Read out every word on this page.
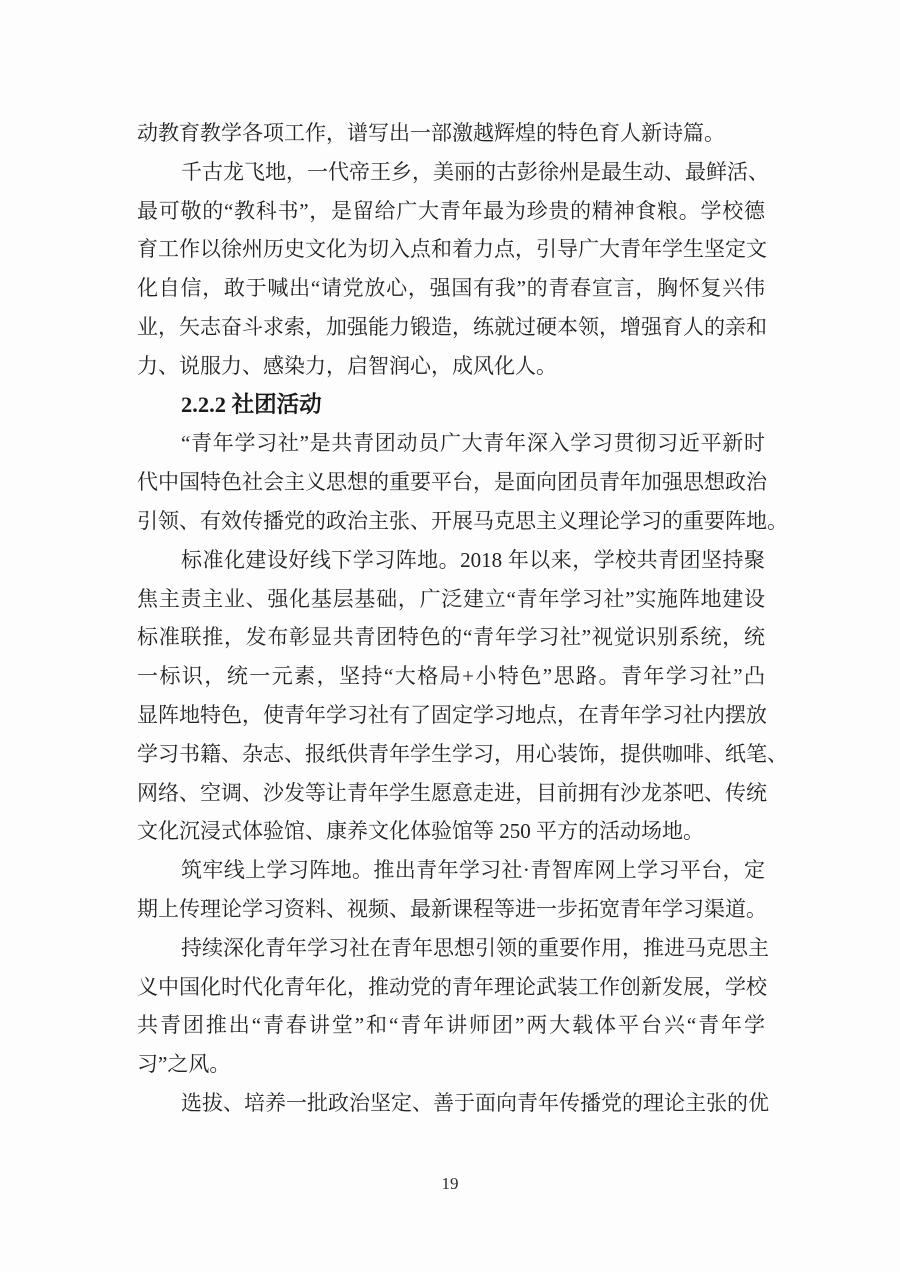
动教育教学各项工作，谱写出一部激越辉煌的特色育人新诗篇。
千古龙飞地，一代帝王乡，美丽的古彭徐州是最生动、最鲜活、
最可敬的“教科书”，是留给广大青年最为珍贵的精神食粮。学校德
育工作以徐州历史文化为切入点和着力点，引导广大青年学生坚定文
化自信，敢于喊出“请党放心，强国有我”的青春宣言，胸怀复兴伟
业，矢志奋斗求索，加强能力锻造，练就过硬本领，增强育人的亲和
力、说服力、感染力，启智润心，成风化人。
2.2.2 社团活动
“青年学习社”是共青团动员广大青年深入学习贯彻习近平新时
代中国特色社会主义思想的重要平台，是面向团员青年加强思想政治
引领、有效传播党的政治主张、开展马克思主义理论学习的重要阵地。
标准化建设好线下学习阵地。2018 年以来，学校共青团坚持聚
焦主责主业、强化基层基础，广泛建立“青年学习社”实施阵地建设
标准联推，发布彰显共青团特色的“青年学习社”视觉识别系统，统
一标识，统一元素，坚持“大格局+小特色”思路。青年学习社”凸
显阵地特色，使青年学习社有了固定学习地点，在青年学习社内摆放
学习书籍、杂志、报纸供青年学生学习，用心装饰，提供咖啡、纸笔、
网络、空调、沙发等让青年学生愿意走进，目前拥有沙龙茶吧、传统
文化沉浸式体验馆、康养文化体验馆等 250 平方的活动场地。
筑牢线上学习阵地。推出青年学习社·青智库网上学习平台，定
期上传理论学习资料、视频、最新课程等进一步拓宽青年学习渠道。
持续深化青年学习社在青年思想引领的重要作用，推进马克思主
义中国化时代化青年化，推动党的青年理论武装工作创新发展，学校
共青团推出“青春讲堂”和“青年讲师团”两大载体平台兴“青年学
习”之风。
选拔、培养一批政治坚定、善于面向青年传播党的理论主张的优
19
